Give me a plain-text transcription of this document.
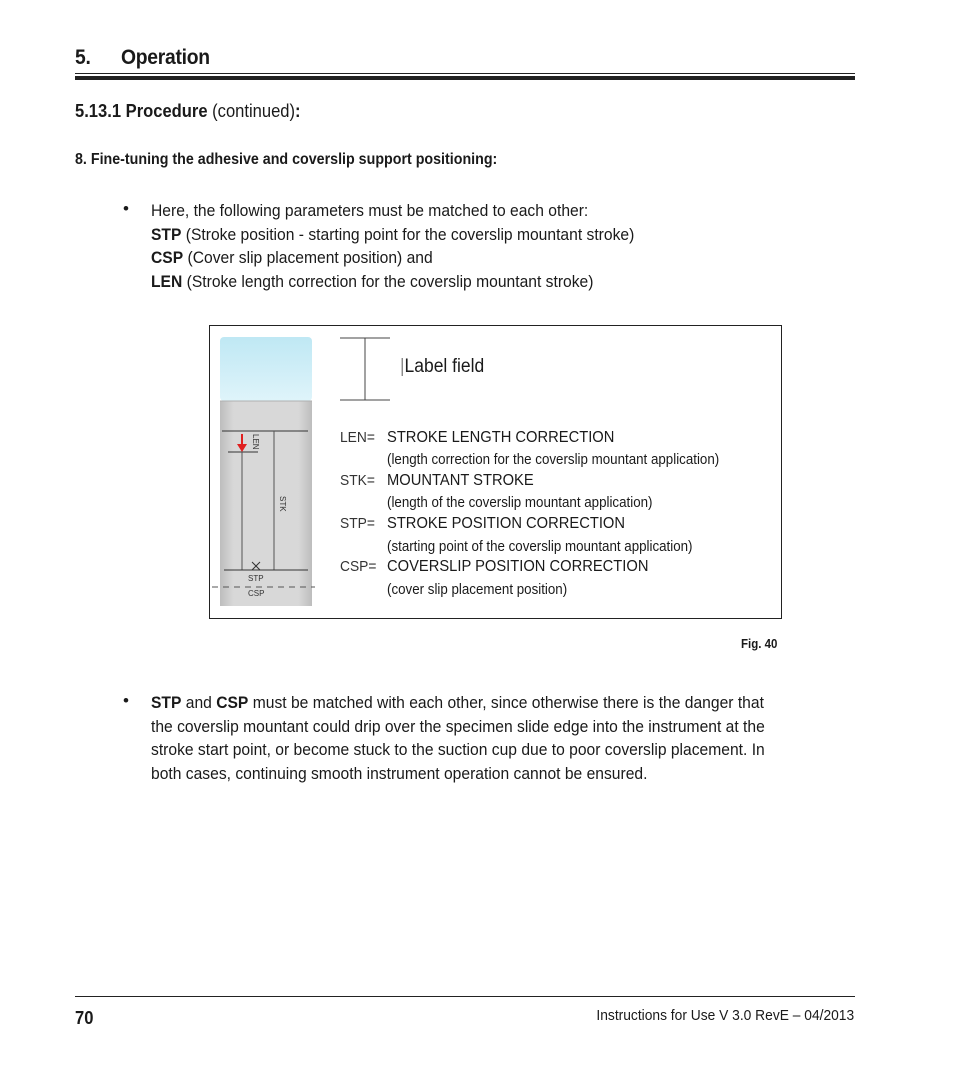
5. Operation
5.13.1 Procedure (continued):
8. Fine-tuning the adhesive and coverslip support positioning:
• Here, the following parameters must be matched to each other:
STP (Stroke position - starting point for the coverslip mountant stroke)
CSP (Cover slip placement position) and
LEN (Stroke length correction for the coverslip mountant stroke)
LEN
STK
STP
CSP
|Label field
LEN= STROKE LENGTH CORRECTION
(length correction for the coverslip mountant application)
STK= MOUNTANT STROKE
(length of the coverslip mountant application)
STP= STROKE POSITION CORRECTION
(starting point of the coverslip mountant application)
CSP= COVERSLIP POSITION CORRECTION
(cover slip placement position)
Fig. 40
• STP and CSP must be matched with each other, since otherwise there is the danger that
the coverslip mountant could drip over the specimen slide edge into the instrument at the
stroke start point, or become stuck to the suction cup due to poor coverslip placement. In
both cases, continuing smooth instrument operation cannot be ensured.
70	Instructions for Use V 3.0 RevE – 04/2013
